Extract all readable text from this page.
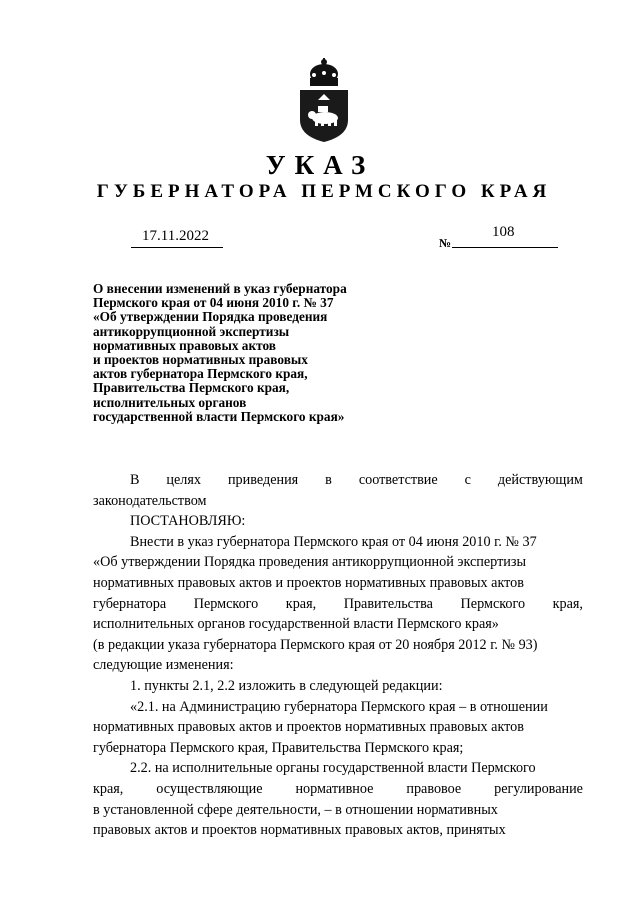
УКАЗ
ГУБЕРНАТОРА ПЕРМСКОГО КРАЯ
17.11.2022	№
108
О внесении изменений в указ губернатора
Пермского края от 04 июня 2010 г. № 37
«Об утверждении Порядка проведения
антикоррупционной экспертизы
нормативных правовых актов
и проектов нормативных правовых
актов губернатора Пермского края,
Правительства Пермского края,
исполнительных органов
государственной власти Пермского края»
В целях приведения в соответствие с действующим
законодательством
ПОСТАНОВЛЯЮ:
Внести в указ губернатора Пермского края от 04 июня 2010 г. № 37
«Об утверждении Порядка проведения антикоррупционной экспертизы
нормативных правовых актов и проектов нормативных правовых актов
губернатора Пермского края, Правительства Пермского края,
исполнительных органов государственной власти Пермского края»
(в редакции указа губернатора Пермского края от 20 ноября 2012 г. № 93)
следующие изменения:
1. пункты 2.1, 2.2 изложить в следующей редакции:
«2.1. на Администрацию губернатора Пермского края – в отношении
нормативных правовых актов и проектов нормативных правовых актов
губернатора Пермского края, Правительства Пермского края;
2.2. на исполнительные органы государственной власти Пермского
края, осуществляющие нормативное правовое регулирование
в установленной сфере деятельности, – в отношении нормативных
правовых актов и проектов нормативных правовых актов, принятых
